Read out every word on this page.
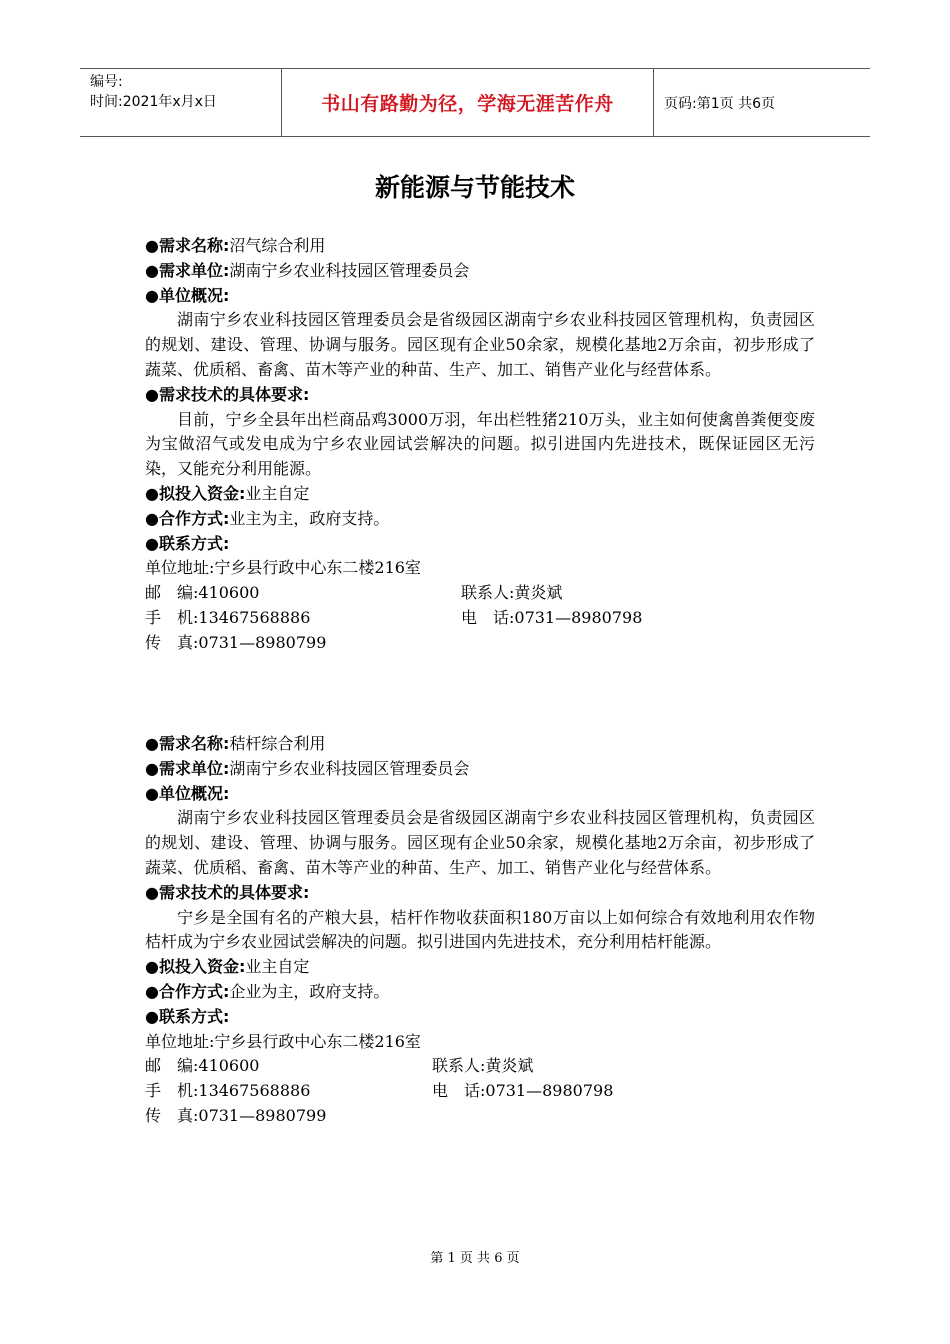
编号:
时间:2021年x月x日	书山有路勤为径，学海无涯苦作舟	页码:第1页 共6页
新能源与节能技术
●需求名称:沼气综合利用
●需求单位:湖南宁乡农业科技园区管理委员会
●单位概况:
湖南宁乡农业科技园区管理委员会是省级园区湖南宁乡农业科技园区管理机构，负责园区的规划、建设、管理、协调与服务。园区现有企业50余家，规模化基地2万余亩，初步形成了蔬菜、优质稻、畜禽、苗木等产业的种苗、生产、加工、销售产业化与经营体系。
●需求技术的具体要求:
目前，宁乡全县年出栏商品鸡3000万羽，年出栏牲猪210万头，业主如何使禽兽粪便变废为宝做沼气或发电成为宁乡农业园试尝解决的问题。拟引进国内先进技术，既保证园区无污染，又能充分利用能源。
●拟投入资金:业主自定
●合作方式:业主为主，政府支持。
●联系方式:
单位地址:宁乡县行政中心东二楼216室
邮　编:410600	联系人:黄炎斌
手　机:13467568886	电　话:0731—8980798
传　真:0731—8980799
●需求名称:秸杆综合利用
●需求单位:湖南宁乡农业科技园区管理委员会
●单位概况:
湖南宁乡农业科技园区管理委员会是省级园区湖南宁乡农业科技园区管理机构，负责园区的规划、建设、管理、协调与服务。园区现有企业50余家，规模化基地2万余亩，初步形成了蔬菜、优质稻、畜禽、苗木等产业的种苗、生产、加工、销售产业化与经营体系。
●需求技术的具体要求:
宁乡是全国有名的产粮大县，桔杆作物收获面积180万亩以上如何综合有效地利用农作物桔杆成为宁乡农业园试尝解决的问题。拟引进国内先进技术，充分利用桔杆能源。
●拟投入资金:业主自定
●合作方式:企业为主，政府支持。
●联系方式:
单位地址:宁乡县行政中心东二楼216室
邮　编:410600	联系人:黄炎斌
手　机:13467568886	电　话:0731—8980798
传　真:0731—8980799
第 1 页 共 6 页
